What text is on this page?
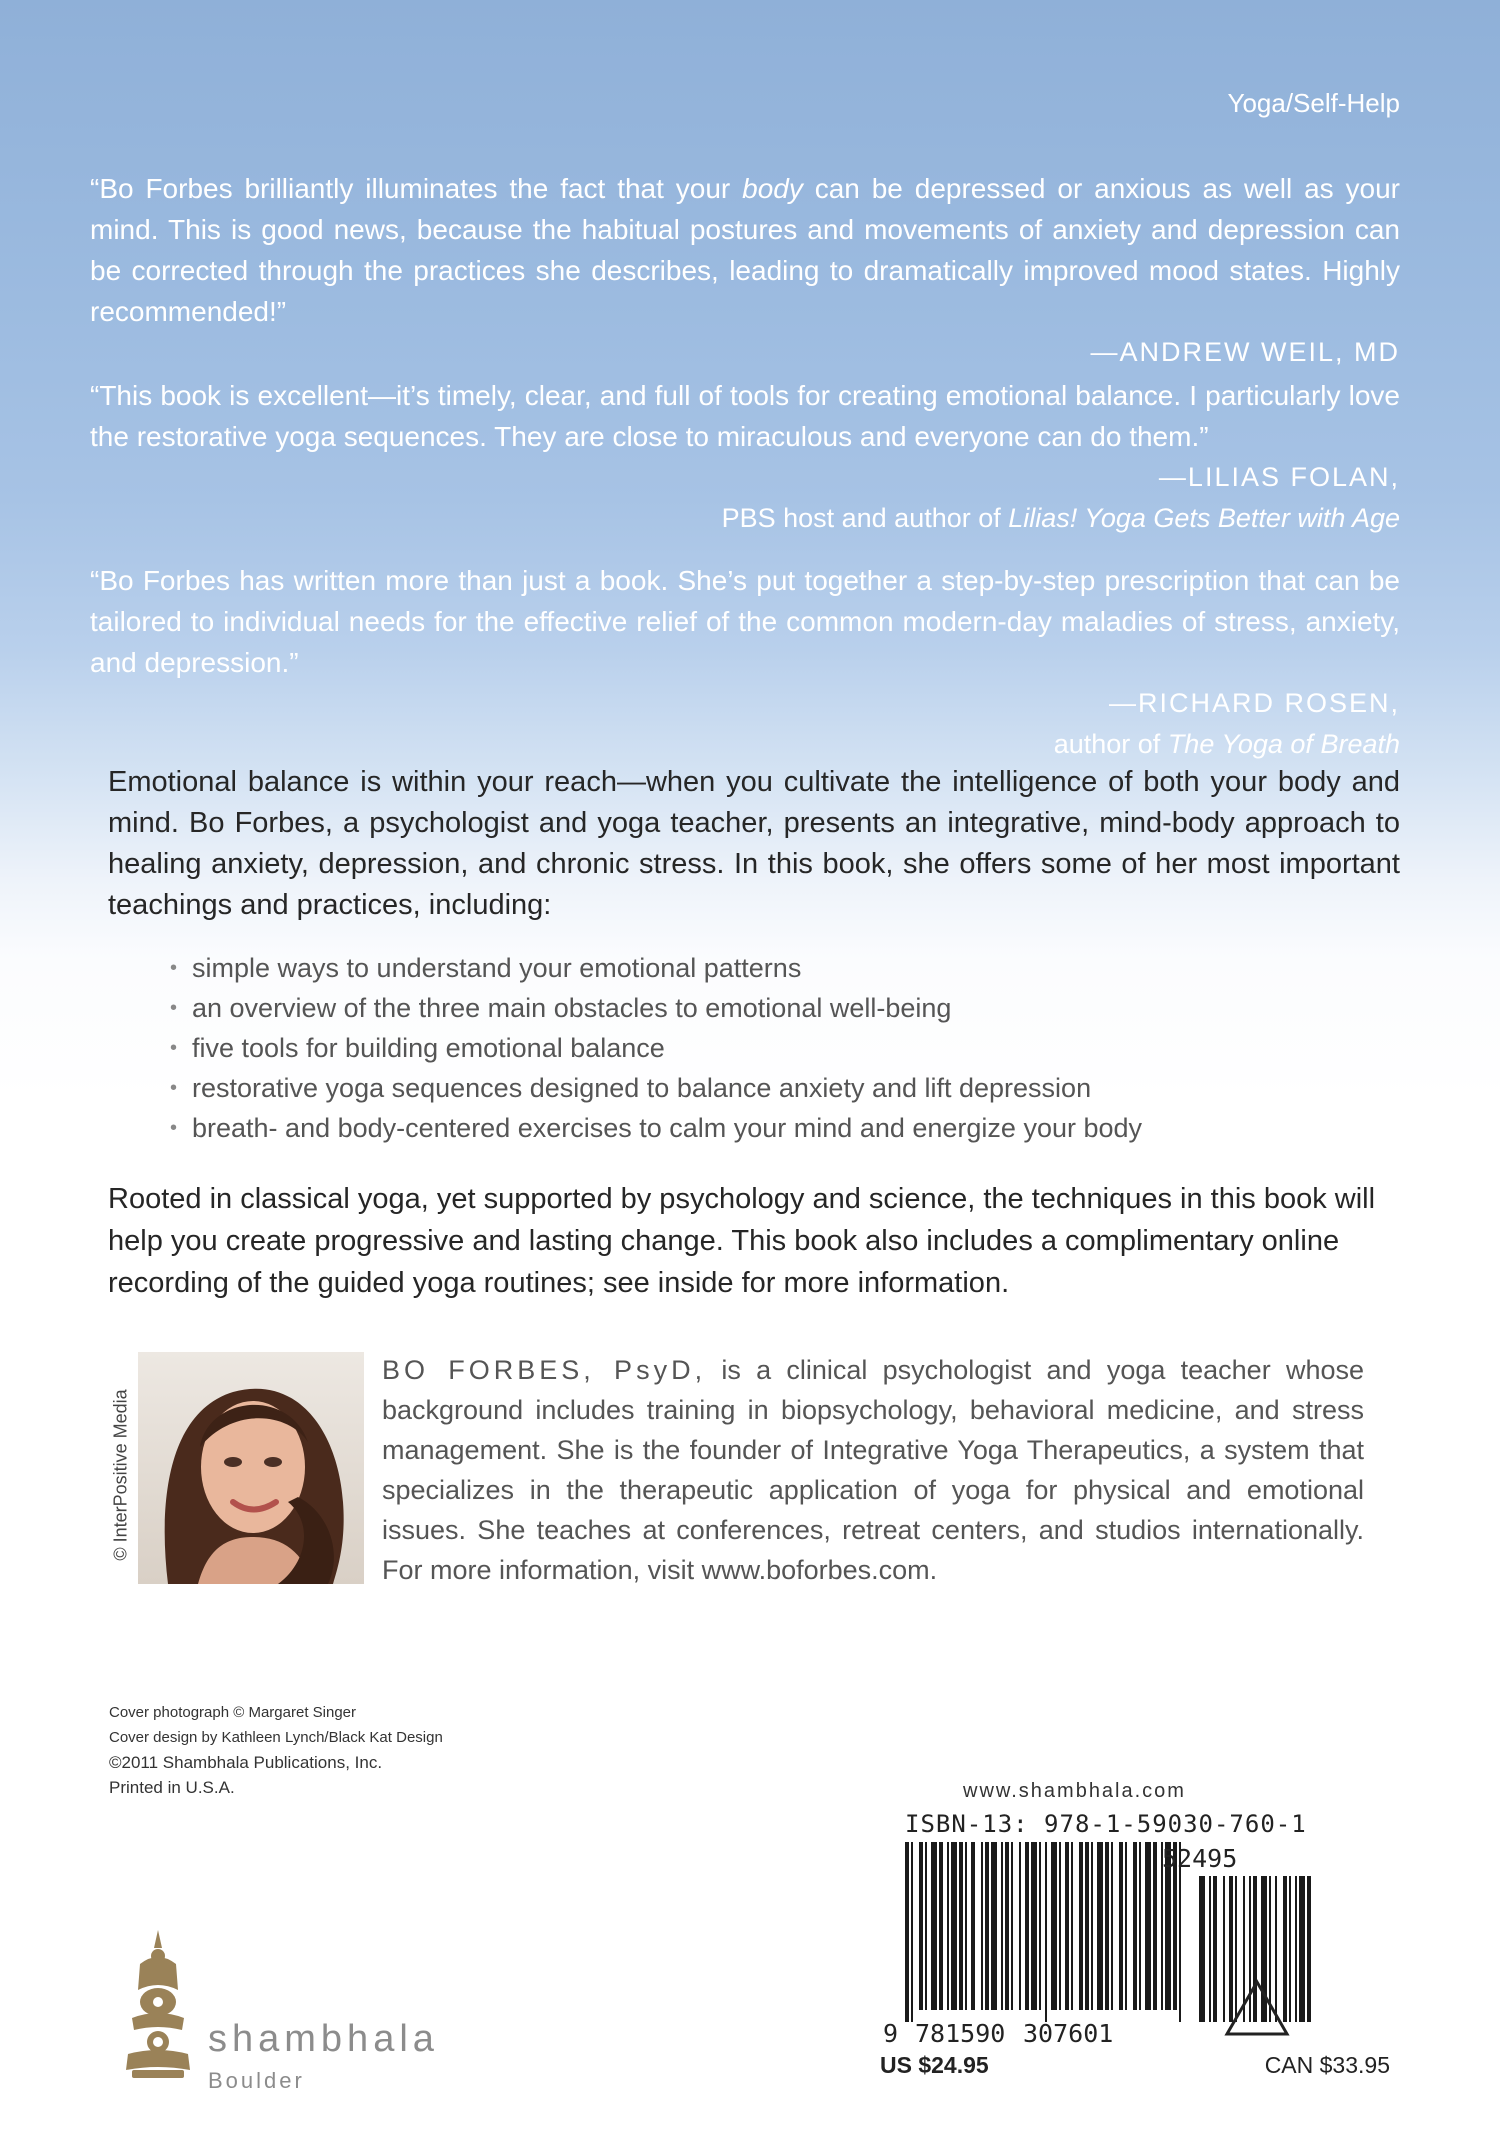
Yoga/Self-Help
“Bo Forbes brilliantly illuminates the fact that your body can be depressed or anxious as well as your mind. This is good news, because the habitual postures and movements of anxiety and depression can be corrected through the practices she describes, leading to dramatically improved mood states. Highly recommended!”
—ANDREW WEIL, MD
“This book is excellent—it’s timely, clear, and full of tools for creating emotional balance. I particularly love the restorative yoga sequences. They are close to miraculous and everyone can do them.”
—LILIAS FOLAN,
PBS host and author of Lilias! Yoga Gets Better with Age
“Bo Forbes has written more than just a book. She’s put together a step-by-step prescription that can be tailored to individual needs for the effective relief of the common modern-day maladies of stress, anxiety, and depression.”
—RICHARD ROSEN,
author of The Yoga of Breath
Emotional balance is within your reach—when you cultivate the intelligence of both your body and mind. Bo Forbes, a psychologist and yoga teacher, presents an integrative, mind-body approach to healing anxiety, depression, and chronic stress. In this book, she offers some of her most important teachings and practices, including:
• simple ways to understand your emotional patterns
• an overview of the three main obstacles to emotional well-being
• five tools for building emotional balance
• restorative yoga sequences designed to balance anxiety and lift depression
• breath- and body-centered exercises to calm your mind and energize your body
Rooted in classical yoga, yet supported by psychology and science, the techniques in this book will help you create progressive and lasting change. This book also includes a complimentary online recording of the guided yoga routines; see inside for more information.
© InterPositive Media
BO FORBES, PsyD, is a clinical psychologist and yoga teacher whose background includes training in biopsychology, behavioral medicine, and stress management. She is the founder of Integrative Yoga Therapeutics, a system that specializes in the therapeutic application of yoga for physical and emotional issues. She teaches at conferences, retreat centers, and studios internationally. For more information, visit www.boforbes.com.
Cover photograph © Margaret Singer
Cover design by Kathleen Lynch/Black Kat Design
©2011 Shambhala Publications, Inc.
Printed in U.S.A.
shambhala
Boulder
www.shambhala.com
ISBN-13: 978-1-59030-760-1
52495
9 781590 307601
US $24.95	CAN $33.95
